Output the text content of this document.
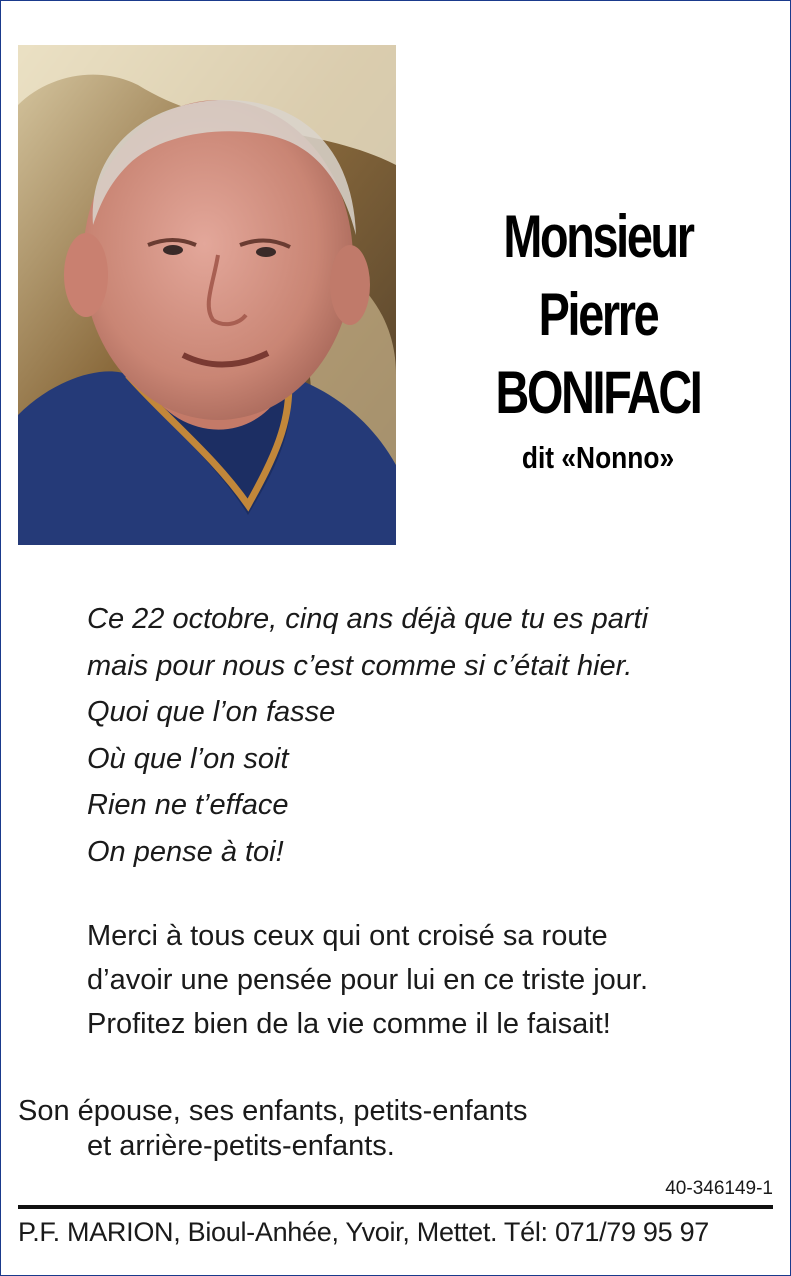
Monsieur
Pierre
BONIFACI
dit «Nonno»
Ce 22 octobre, cinq ans déjà que tu es parti
mais pour nous c’est comme si c’était hier.
Quoi que l’on fasse
Où que l’on soit
Rien ne t’efface
On pense à toi!
Merci à tous ceux qui ont croisé sa route
d’avoir une pensée pour lui en ce triste jour.
Profitez bien de la vie comme il le faisait!
Son épouse, ses enfants, petits-enfants
et arrière-petits-enfants.
40-346149-1
P.F. MARION, Bioul-Anhée, Yvoir, Mettet. Tél: 071/79 95 97
